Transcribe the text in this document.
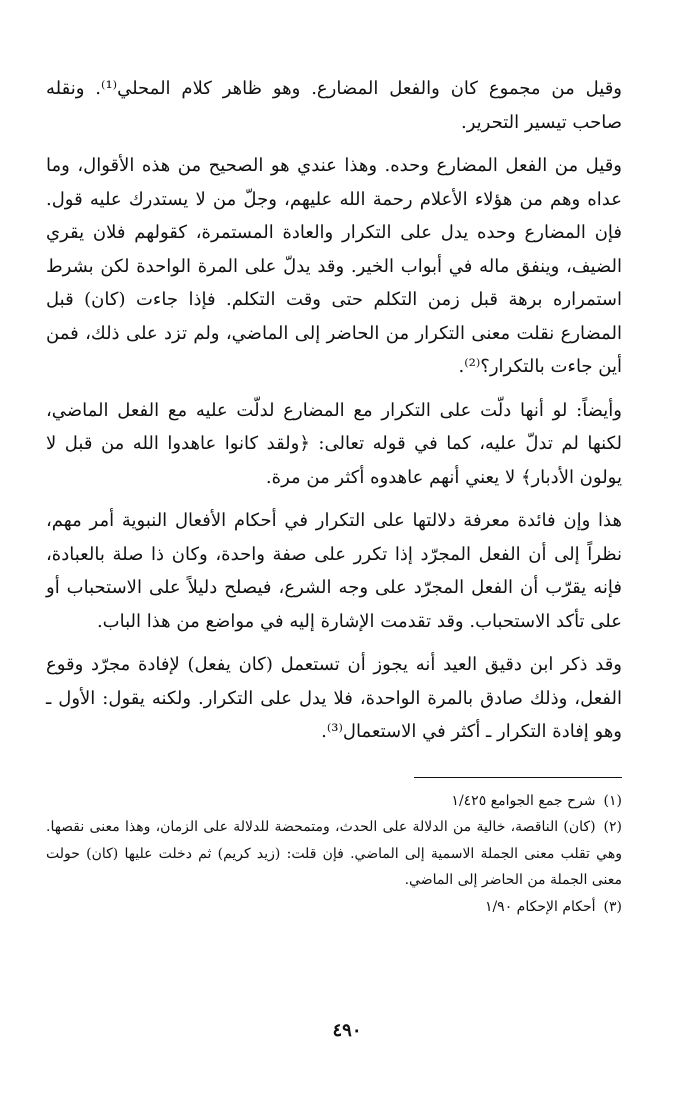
وقيل من مجموع كان والفعل المضارع. وهو ظاهر كلام المحلي⁽¹⁾. ونقله صاحب تيسير التحرير.

وقيل من الفعل المضارع وحده. وهذا عندي هو الصحيح من هذه الأقوال، وما عداه وهم من هؤلاء الأعلام رحمة الله عليهم، وجلّ من لا يستدرك عليه قول. فإن المضارع وحده يدل على التكرار والعادة المستمرة، كقولهم فلان يقري الضيف، وينفق ماله في أبواب الخير. وقد يدلّ على المرة الواحدة لكن بشرط استمراره برهة قبل زمن التكلم حتى وقت التكلم. فإذا جاءت (كان) قبل المضارع نقلت معنى التكرار من الحاضر إلى الماضي، ولم تزد على ذلك، فمن أين جاءت بالتكرار؟⁽²⁾.

وأيضاً: لو أنها دلّت على التكرار مع المضارع لدلّت عليه مع الفعل الماضي، لكنها لم تدلّ عليه، كما في قوله تعالى: ﴿ولقد كانوا عاهدوا الله من قبل لا يولون الأدبار﴾ لا يعني أنهم عاهدوه أكثر من مرة.

هذا وإن فائدة معرفة دلالتها على التكرار في أحكام الأفعال النبوية أمر مهم، نظراً إلى أن الفعل المجرّد إذا تكرر على صفة واحدة، وكان ذا صلة بالعبادة، فإنه يقرّب أن الفعل المجرّد على وجه الشرع، فيصلح دليلاً على الاستحباب أو على تأكد الاستحباب. وقد تقدمت الإشارة إليه في مواضع من هذا الباب.

وقد ذكر ابن دقيق العيد أنه يجوز أن تستعمل (كان يفعل) لإفادة مجرّد وقوع الفعل، وذلك صادق بالمرة الواحدة، فلا يدل على التكرار. ولكنه يقول: الأول ـ وهو إفادة التكرار ـ أكثر في الاستعمال⁽³⁾.

(١)شرح جمع الجوامع ١/٤٢٥

(٢)(كان) الناقصة، خالية من الدلالة على الحدث، ومتمحضة للدلالة على الزمان، وهذا معنى نقصها. وهي تقلب معنى الجملة الاسمية إلى الماضي. فإن قلت: (زيد كريم) ثم دخلت عليها (كان) حولت معنى الجملة من الحاضر إلى الماضي.

(٣)أحكام الإحكام ١/٩٠

٤٩٠
